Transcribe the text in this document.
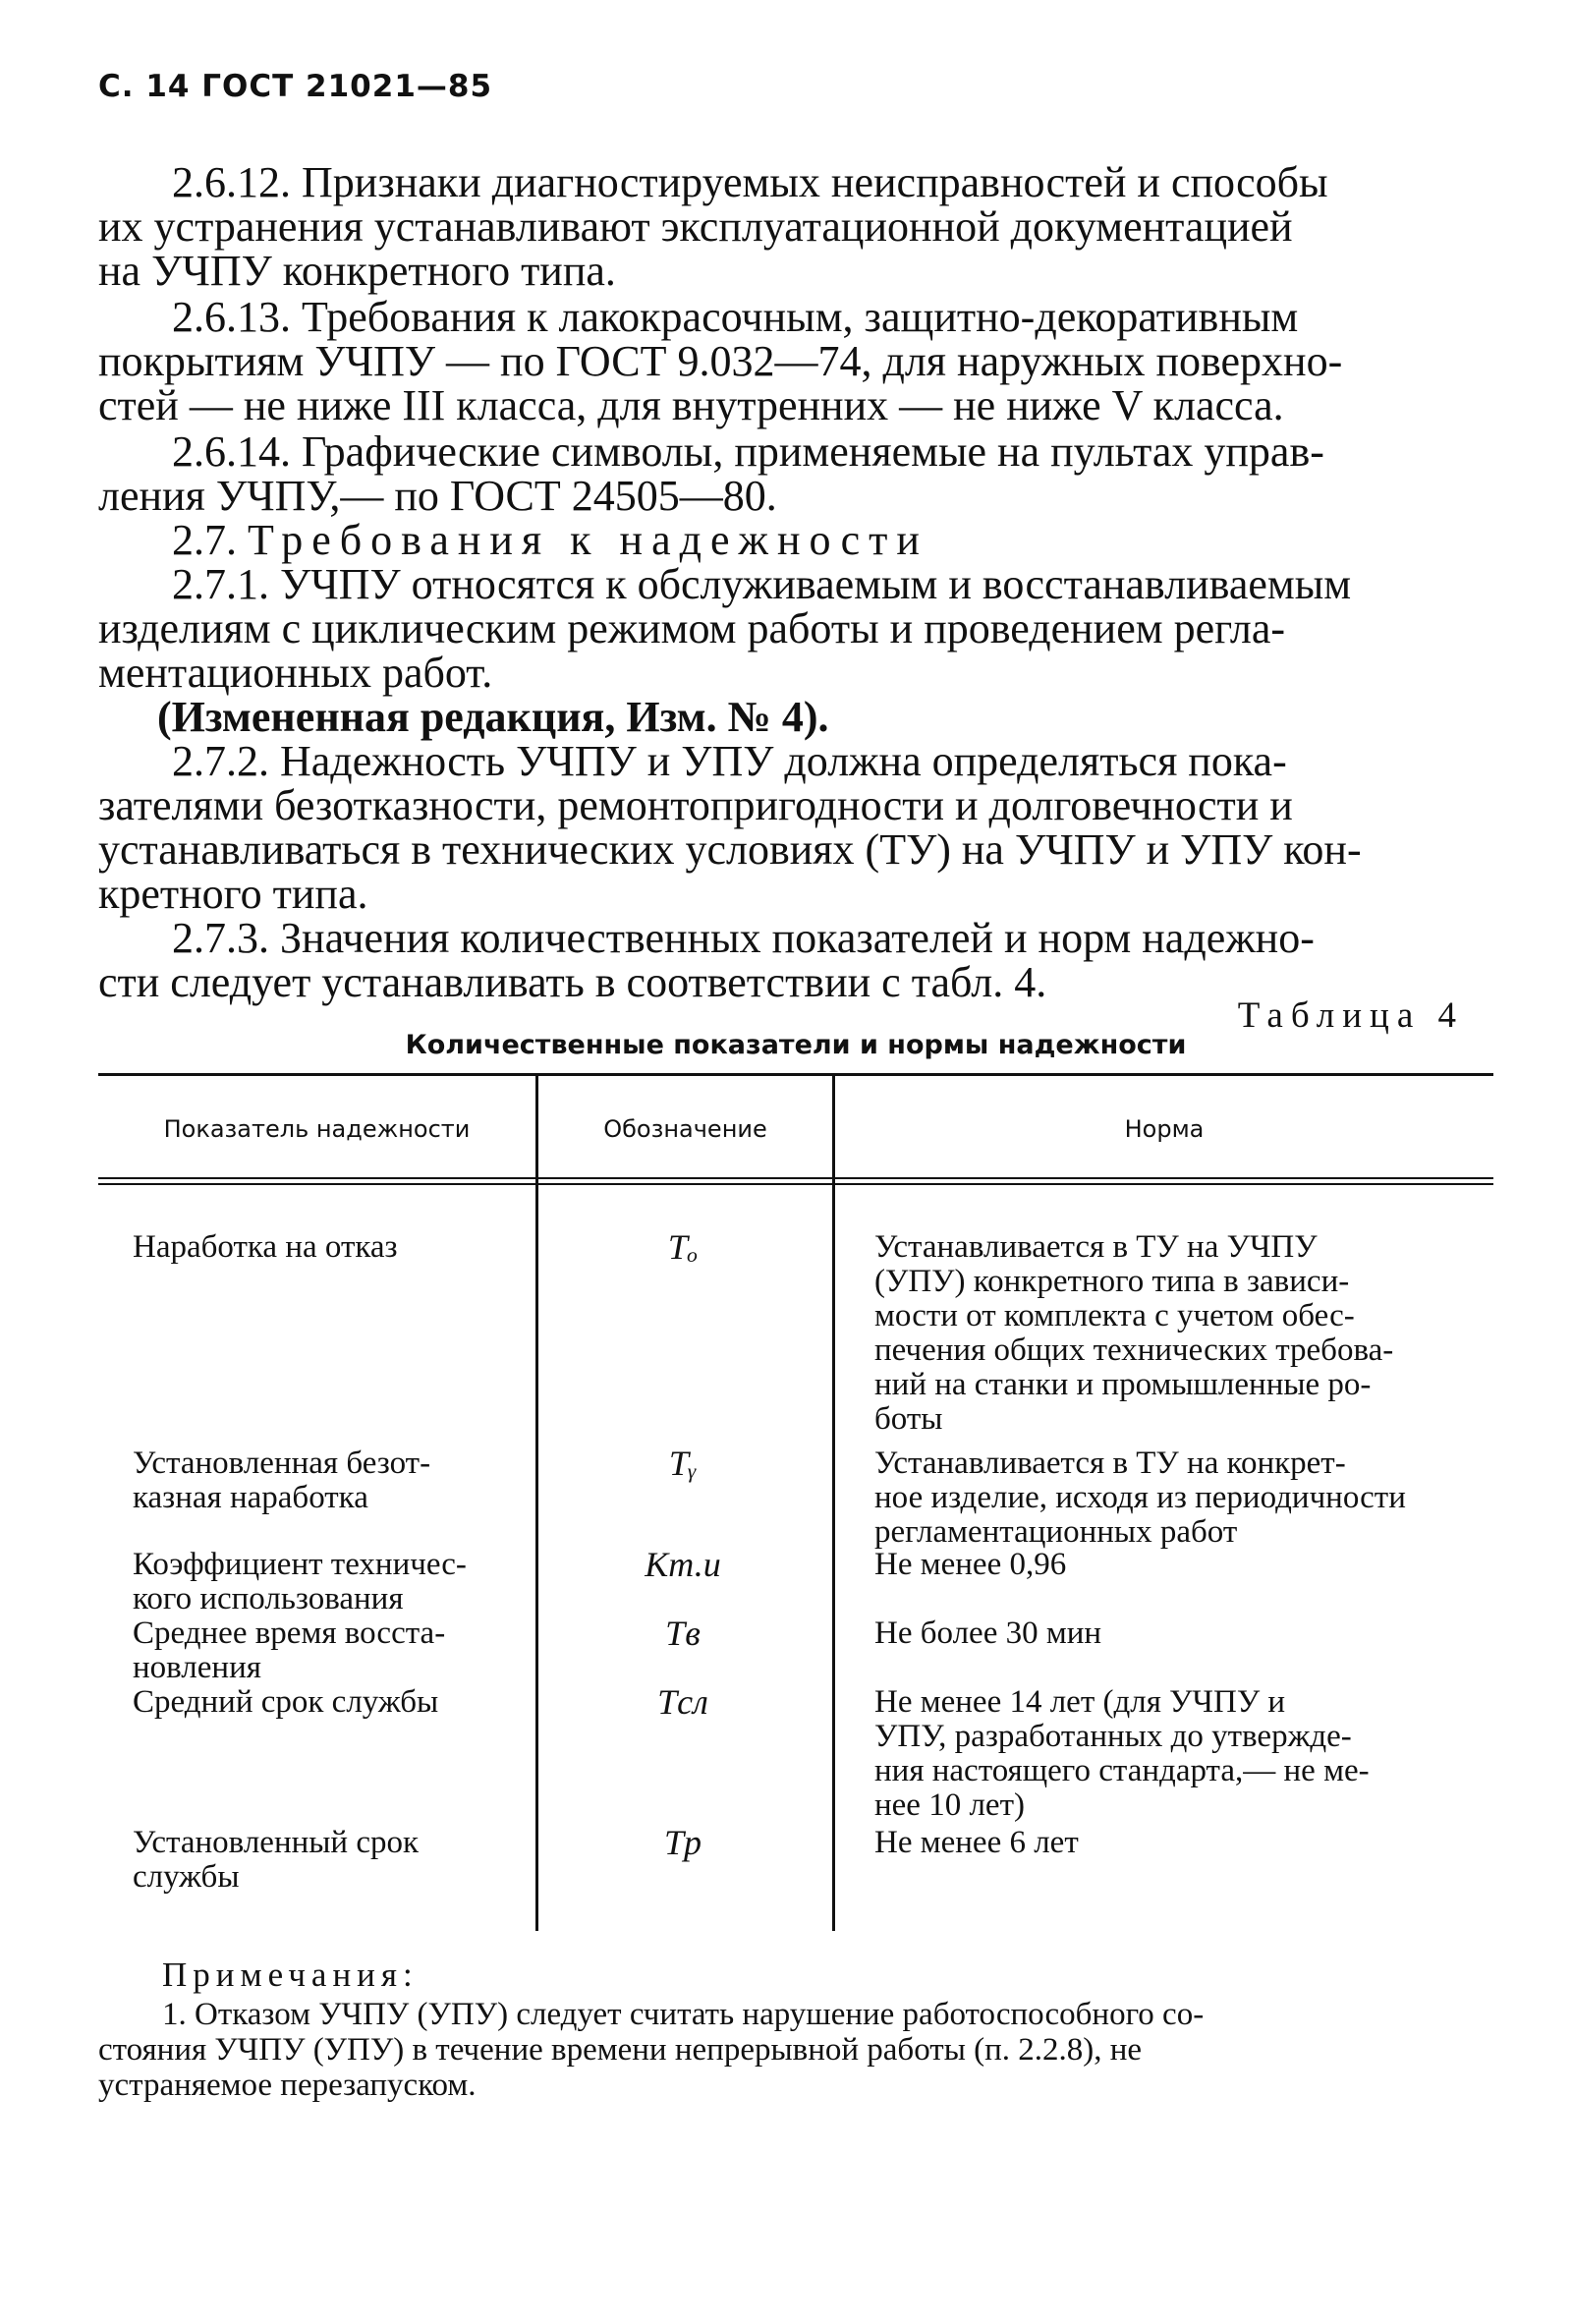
С. 14 ГОСТ 21021—85
2.6.12. Признаки диагностируемых неисправностей и способы
их устранения устанавливают эксплуатационной документацией
на УЧПУ конкретного типа.
2.6.13. Требования к лакокрасочным, защитно-декоративным
покрытиям УЧПУ — по ГОСТ 9.032—74, для наружных поверхно-
стей — не ниже III класса, для внутренних — не ниже V класса.
2.6.14. Графические символы, применяемые на пультах управ-
ления УЧПУ,— по ГОСТ 24505—80.
2.7. Требования к надежности
2.7.1. УЧПУ относятся к обслуживаемым и восстанавливаемым
изделиям с циклическим режимом работы и проведением регла-
ментационных работ.
(Измененная редакция, Изм. № 4).
2.7.2. Надежность УЧПУ и УПУ должна определяться пока-
зателями безотказности, ремонтопригодности и долговечности и
устанавливаться в технических условиях (ТУ) на УЧПУ и УПУ кон-
кретного типа.
2.7.3. Значения количественных показателей и норм надежно-
сти следует устанавливать в соответствии с табл. 4.
Таблица 4
Количественные показатели и нормы надежности
Показатель надежности	Обозначение	Норма
Наработка на отказ	Tₒ	Устанавливается в ТУ на УЧПУ
(УПУ) конкретного типа в зависи-
мости от комплекта с учетом обес-
печения общих технических требова-
ний на станки и промышленные ро-
боты
Установленная безот-
казная наработка
Tᵧ	Устанавливается в ТУ на конкрет-
ное изделие, исходя из периодичности
регламентационных работ
Коэффициент техничес-
кого использования
Kт.и	Не менее 0,96
Среднее время восста-
новления
Tв	Не более 30 мин
Средний срок службы	Tсл	Не менее 14 лет (для УЧПУ и
УПУ, разработанных до утвержде-
ния настоящего стандарта,— не ме-
нее 10 лет)
Установленный срок
службы
Tр	Не менее 6 лет
Примечания:
1. Отказом УЧПУ (УПУ) следует считать нарушение работоспособного со-
стояния УЧПУ (УПУ) в течение времени непрерывной работы (п. 2.2.8), не
устраняемое перезапуском.
